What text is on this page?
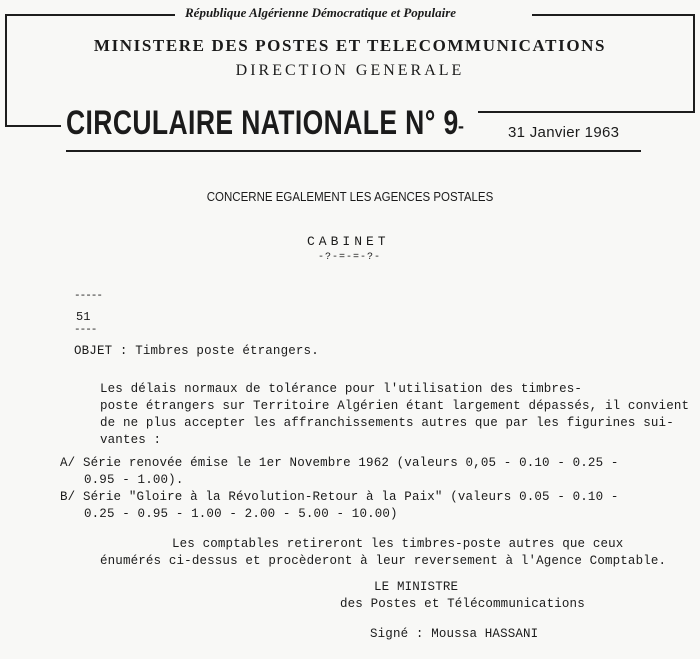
République Algérienne Démocratique et Populaire
MINISTERE DES POSTES ET TELECOMMUNICATIONS
DIRECTION GENERALE
CIRCULAIRE NATIONALE N° 9 -	31 Janvier 1963
CONCERNE EGALEMENT LES AGENCES POSTALES
CABINET
-?-=-=-?-
-----
51
----
OBJET : Timbres poste étrangers.
Les délais normaux de tolérance pour l'utilisation des timbres-
poste étrangers sur Territoire Algérien étant largement dépassés, il convient
de ne plus accepter les affranchissements autres que par les figurines sui-
vantes :
A/ Série renovée émise le 1er Novembre 1962 (valeurs 0,05 - 0.10 - 0.25 -
0.95 - 1.00).
B/ Série "Gloire à la Révolution-Retour à la Paix" (valeurs 0.05 - 0.10 -
0.25 - 0.95 - 1.00 - 2.00 - 5.00 - 10.00)
Les comptables retireront les timbres-poste autres que ceux
énumérés ci-dessus et procèderont à leur reversement à l'Agence Comptable.
LE MINISTRE
des Postes et Télécommunications
Signé : Moussa HASSANI
